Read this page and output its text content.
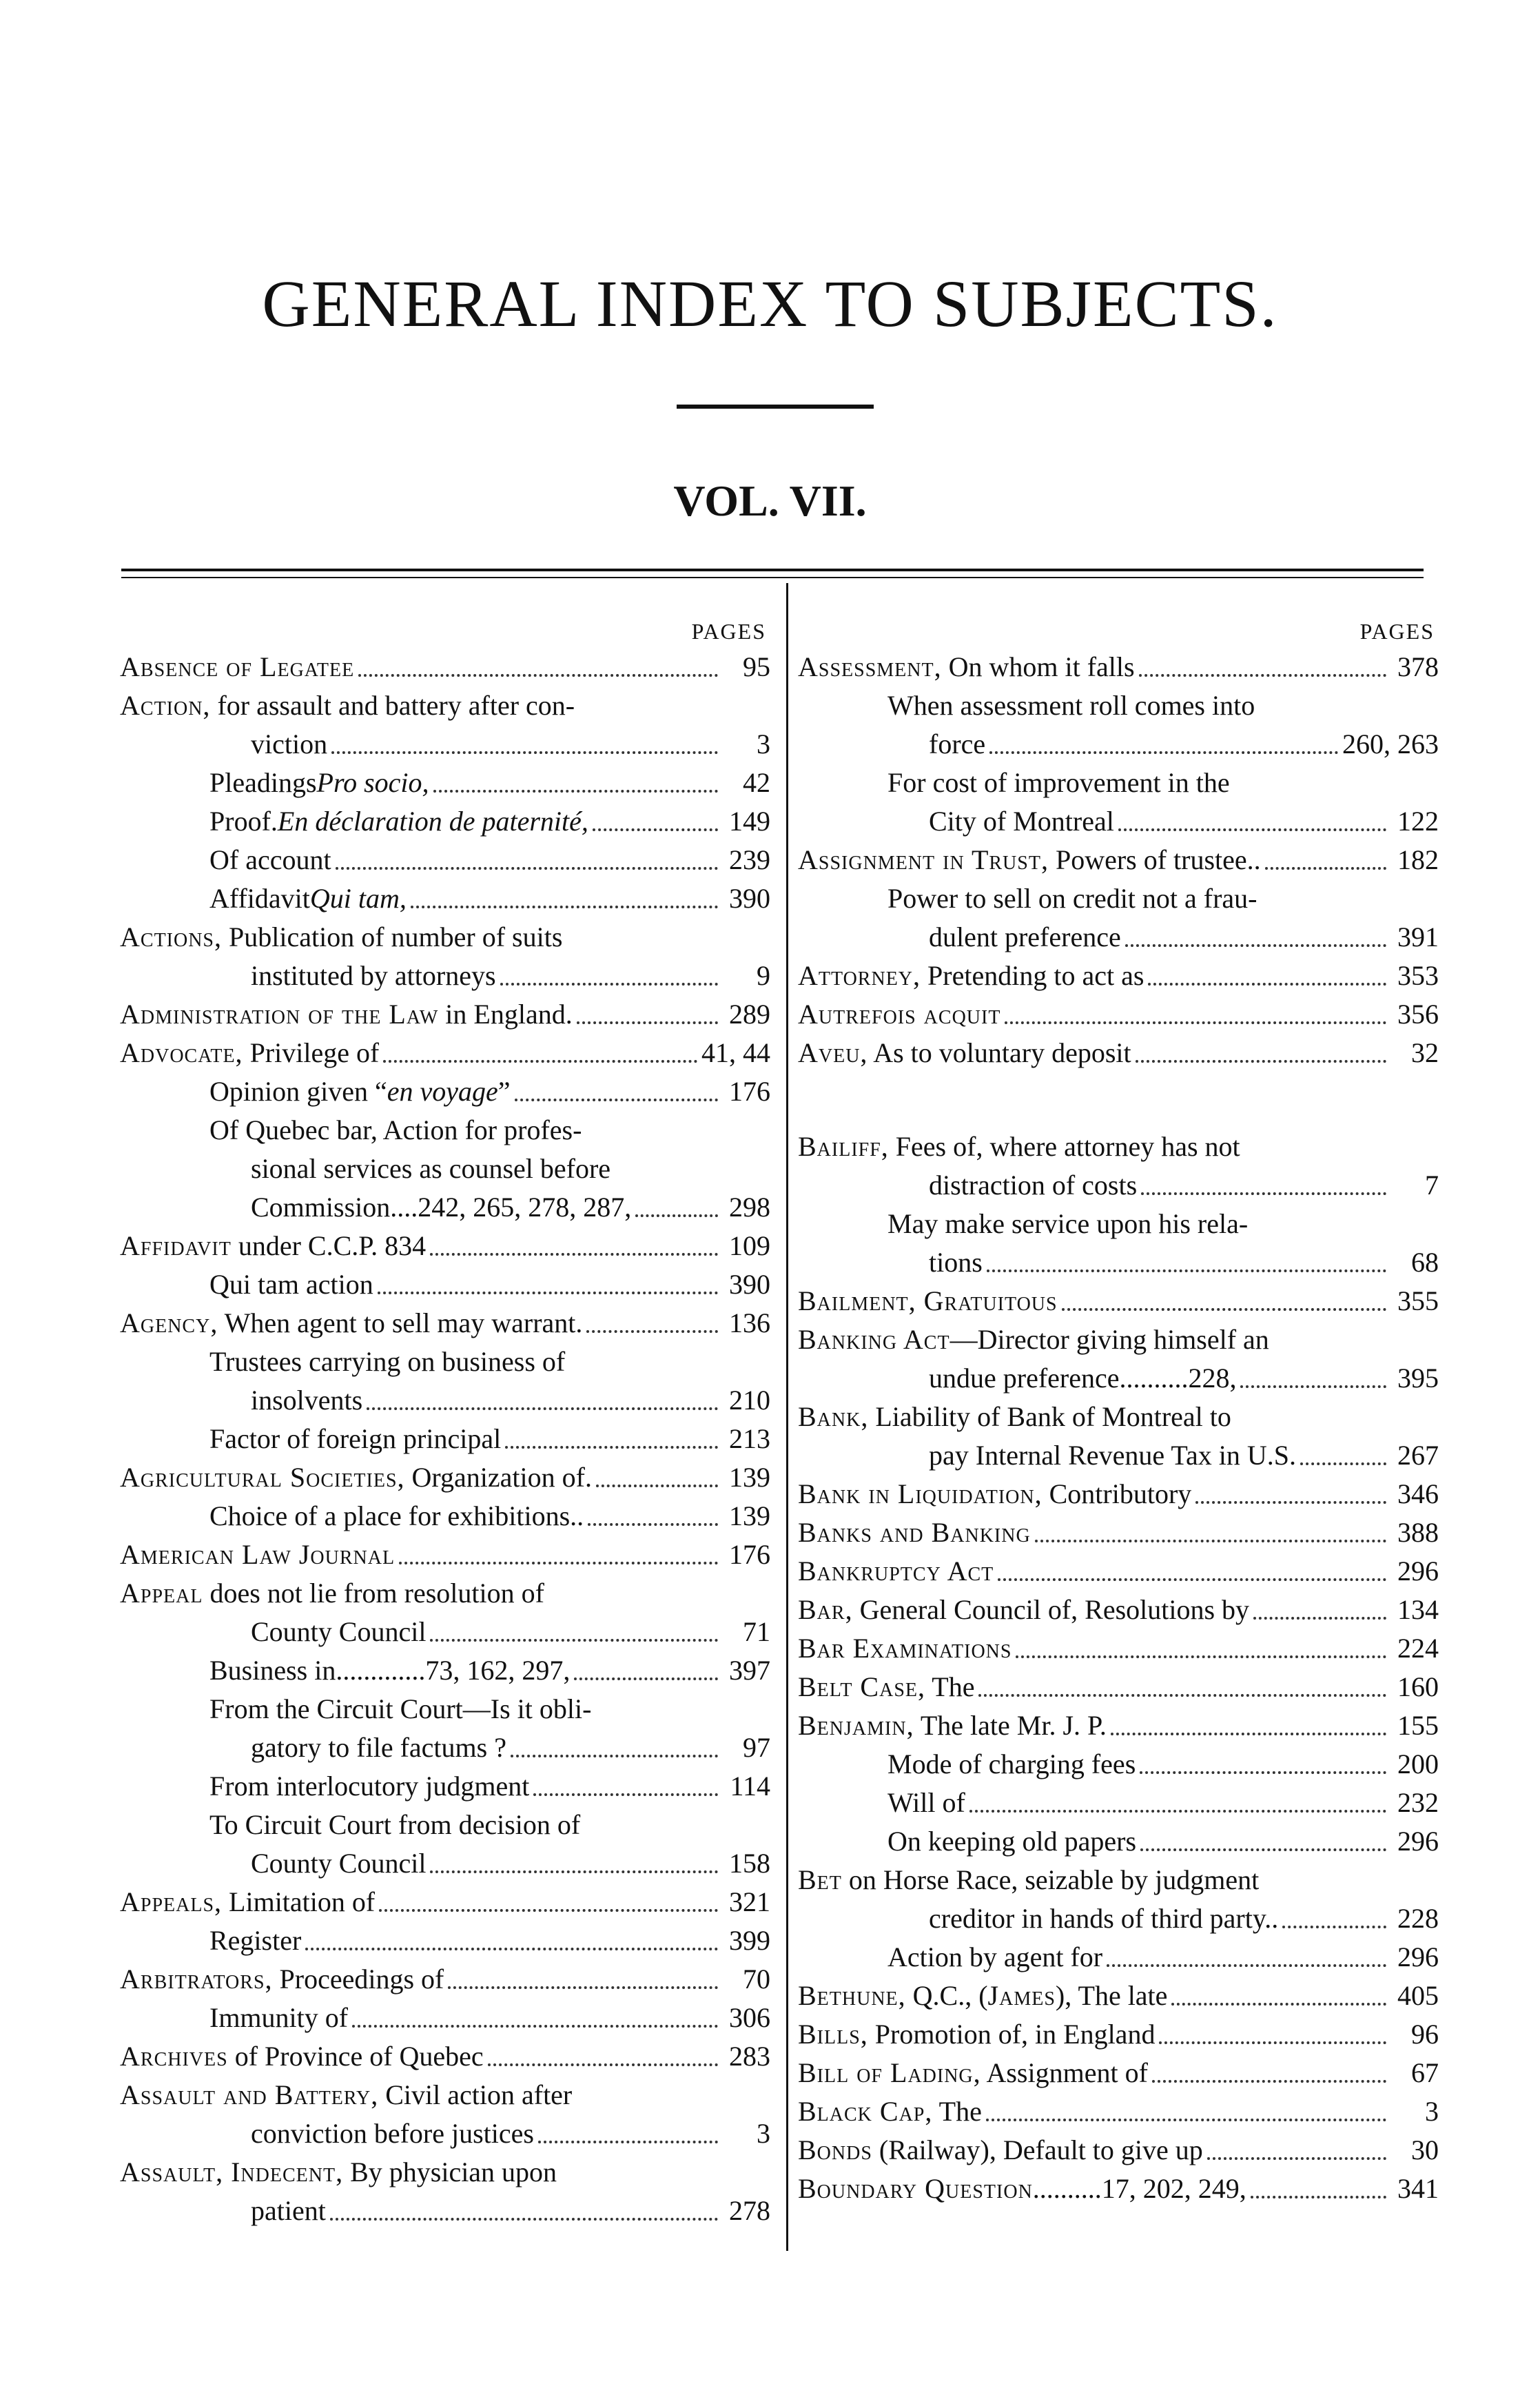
GENERAL INDEX TO SUBJECTS.
VOL. VII.
PAGES
Absence of Legatee	95
Action, for assault and battery after con-
viction	3
PleadingsPro socio,	42
Proof.En déclaration de paternité,	149
Of account	239
AffidavitQui tam,	390
Actions, Publication of number of suits
instituted by attorneys	9
Administration of the Law in England.	289
Advocate, Privilege of	41, 44
Opinion given “en voyage”	176
Of Quebec bar, Action for profes-
sional services as counsel before
Commission....242, 265, 278, 287,	298
Affidavit under C.C.P. 834	109
Qui tam action	390
Agency, When agent to sell may warrant.	136
Trustees carrying on business of
insolvents	210
Factor of foreign principal	213
Agricultural Societies, Organization of.	139
Choice of a place for exhibitions..	139
American Law Journal	176
Appeal does not lie from resolution of
County Council	71
Business in.............73, 162, 297,	397
From the Circuit Court—Is it obli-
gatory to file factums ?	97
From interlocutory judgment	114
To Circuit Court from decision of
County Council	158
Appeals, Limitation of	321
Register	399
Arbitrators, Proceedings of	70
Immunity of	306
Archives of Province of Quebec	283
Assault and Battery, Civil action after
conviction before justices	3
Assault, Indecent, By physician upon
patient	278
PAGES
Assessment, On whom it falls	378
When assessment roll comes into
force	260, 263
For cost of improvement in the
City of Montreal	122
Assignment in Trust, Powers of trustee..	182
Power to sell on credit not a frau-
dulent preference	391
Attorney, Pretending to act as	353
Autrefois acquit	356
Aveu, As to voluntary deposit	32
Bailiff, Fees of, where attorney has not
distraction of costs	7
May make service upon his rela-
tions	68
Bailment, Gratuitous	355
Banking Act—Director giving himself an
undue preference..........228,	395
Bank, Liability of Bank of Montreal to
pay Internal Revenue Tax in U.S.	267
Bank in Liquidation, Contributory	346
Banks and Banking	388
Bankruptcy Act	296
Bar, General Council of, Resolutions by	134
Bar Examinations	224
Belt Case, The	160
Benjamin, The late Mr. J. P.	155
Mode of charging fees	200
Will of	232
On keeping old papers	296
Bet on Horse Race, seizable by judgment
creditor in hands of third party..	228
Action by agent for	296
Bethune, Q.C., (James), The late	405
Bills, Promotion of, in England	96
Bill of Lading, Assignment of	67
Black Cap, The	3
Bonds (Railway), Default to give up	30
Boundary Question..........17, 202, 249,	341
